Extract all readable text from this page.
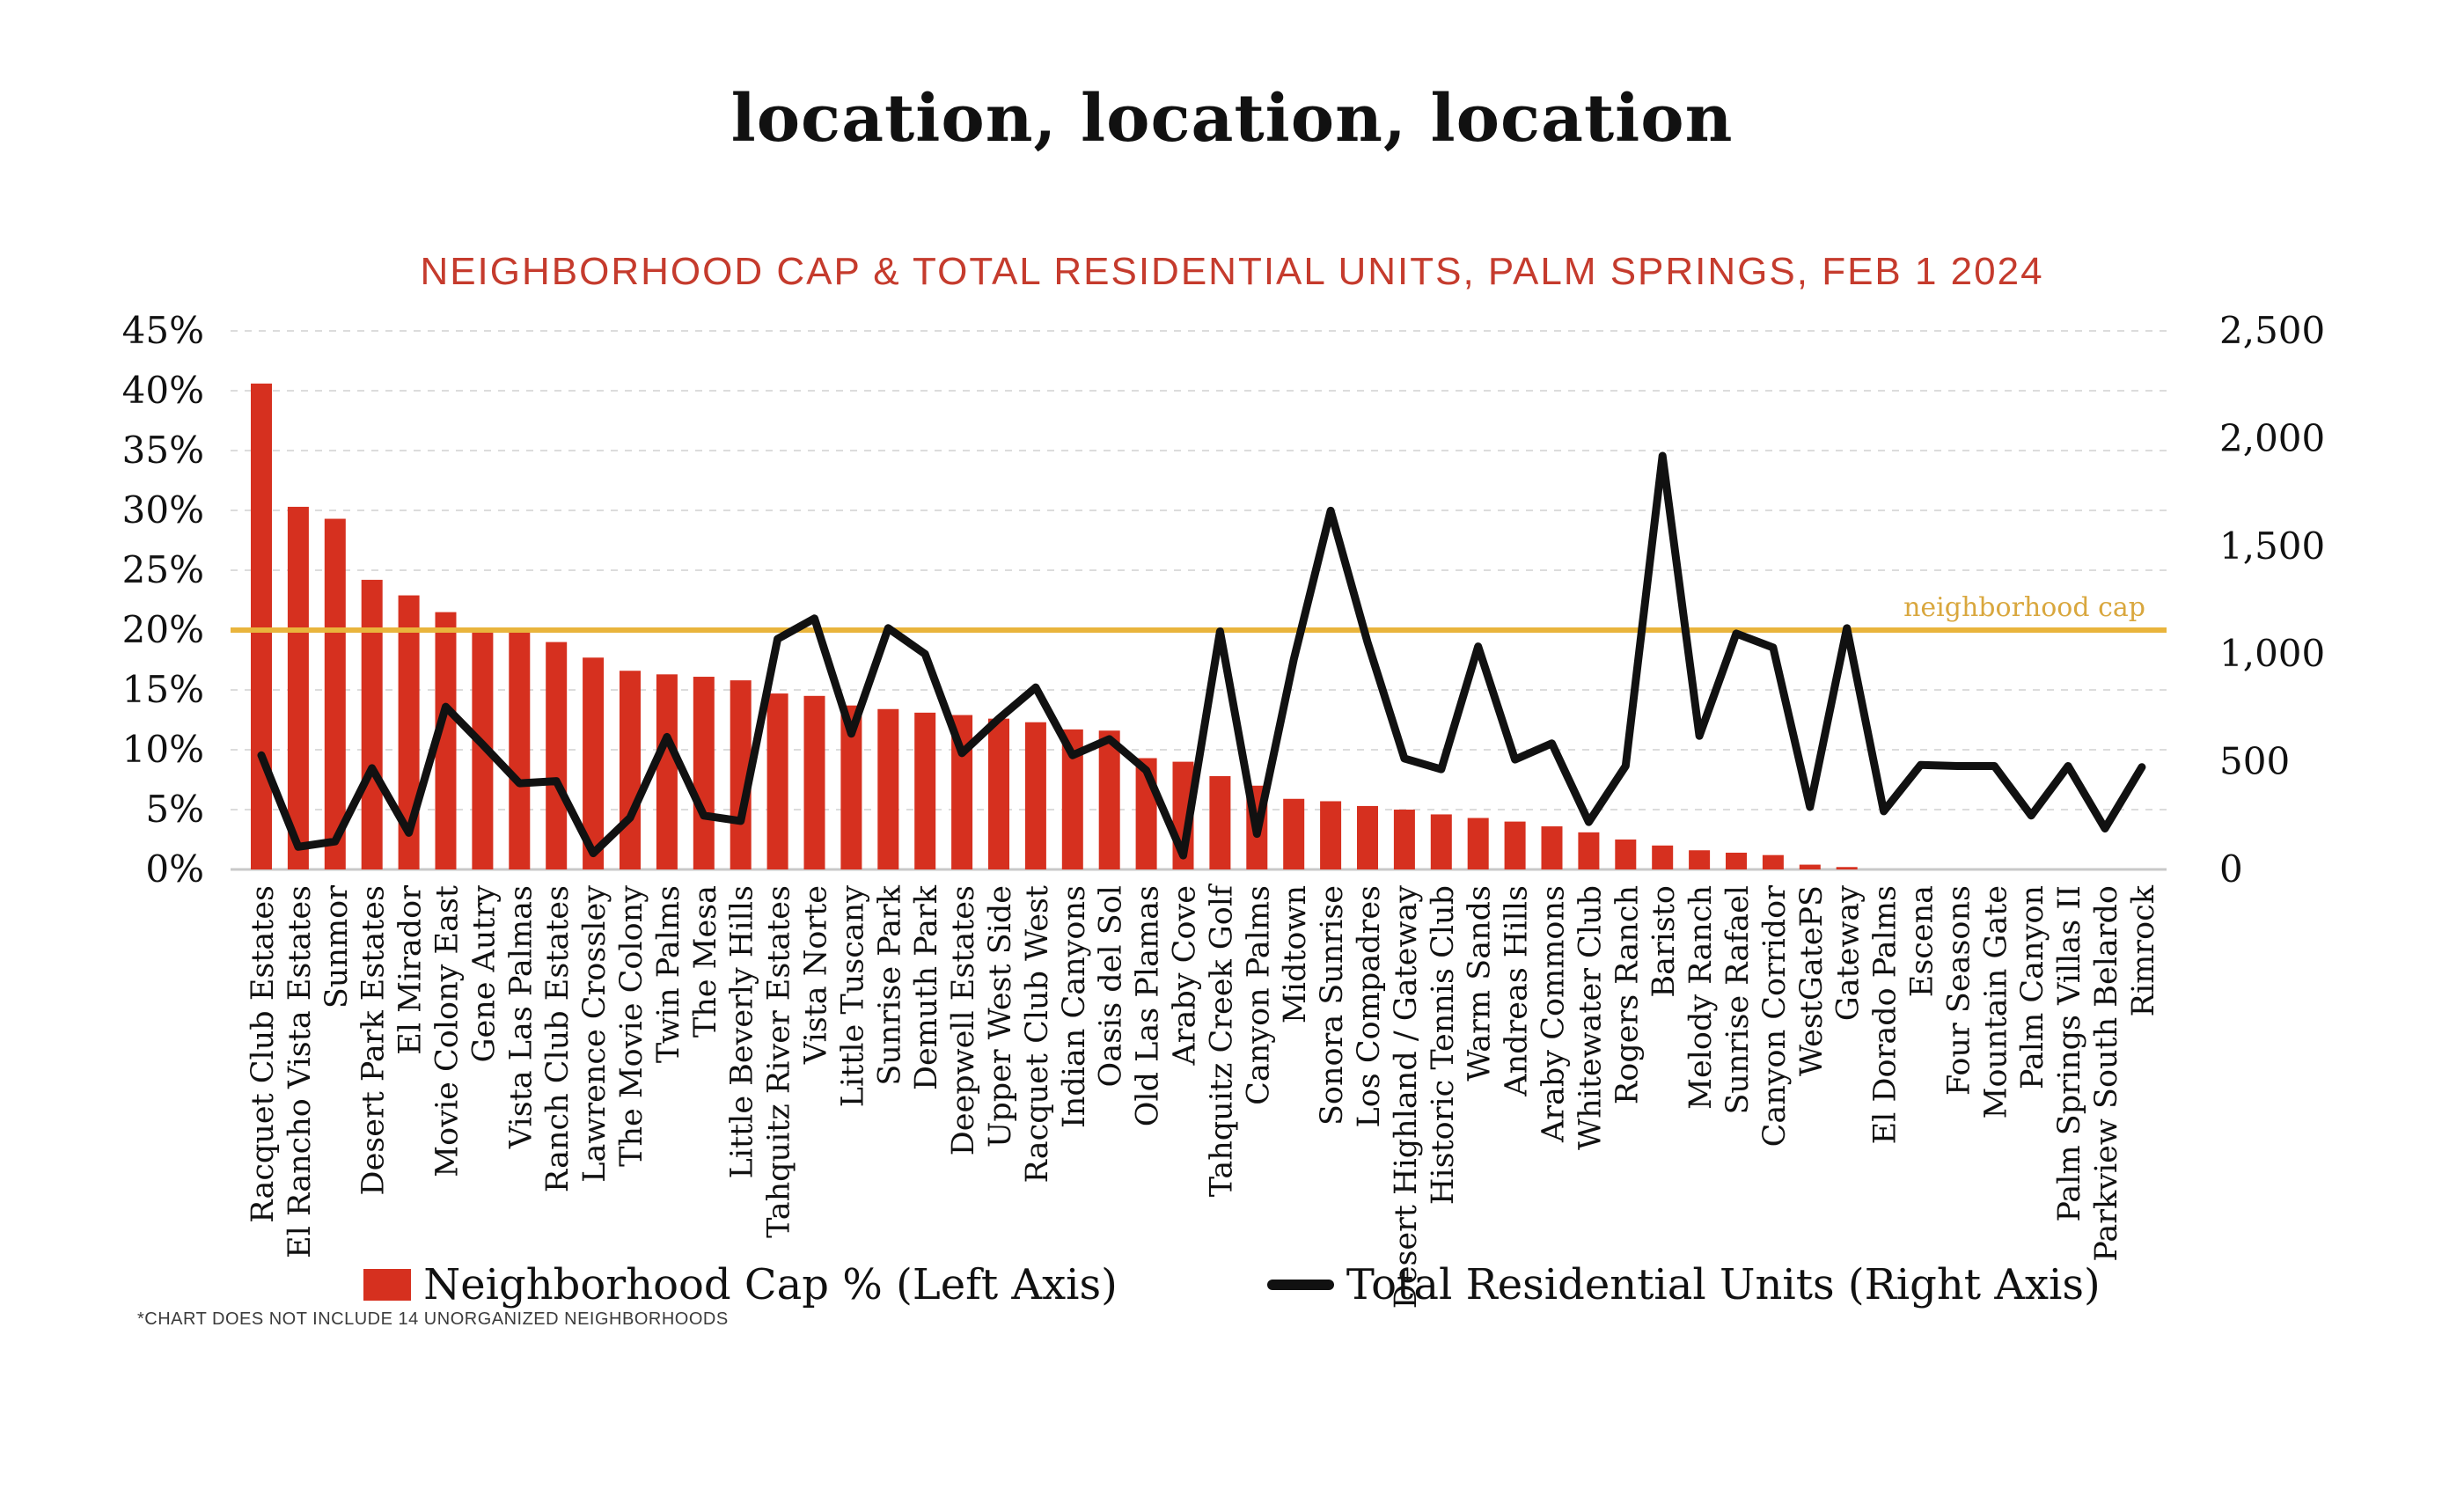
location, location, location
NEIGHBORHOOD CAP & TOTAL RESIDENTIAL UNITS, PALM SPRINGS, FEB 1 2024
45%
40%
35%
30%
25%
20%
15%
10%
5%
0%
2,500
2,000
1,500
1,000
500
0
neighborhood cap
Racquet Club Estates El Rancho Vista Estates Sunmor Desert Park Estates El Mirador Movie Colony East Gene Autry Vista Las Palmas Ranch Club Estates Lawrence Crossley The Movie Colony Twin Palms The Mesa Little Beverly Hills Tahquitz River Estates Vista Norte Little Tuscany Sunrise Park Demuth Park Deepwell Estates Upper West Side Racquet Club West Indian Canyons Oasis del Sol Old Las Plamas Araby Cove Tahquitz Creek Golf Canyon Palms Midtown Sonora Sunrise Los Compadres Desert Highland / Gateway Historic Tennis Club Warm Sands Andreas Hills Araby Commons Whitewater Club Rogers Ranch Baristo Melody Ranch Sunrise Rafael Canyon Corridor WestGatePS Gateway El Dorado Palms Escena Four Seasons Mountain Gate Palm Canyon Palm Springs Villas II Parkview South Belardo Rimrock
Neighborhood Cap % (Left Axis)	Total Residential Units (Right Axis)
*CHART DOES NOT INCLUDE 14 UNORGANIZED NEIGHBORHOODS
